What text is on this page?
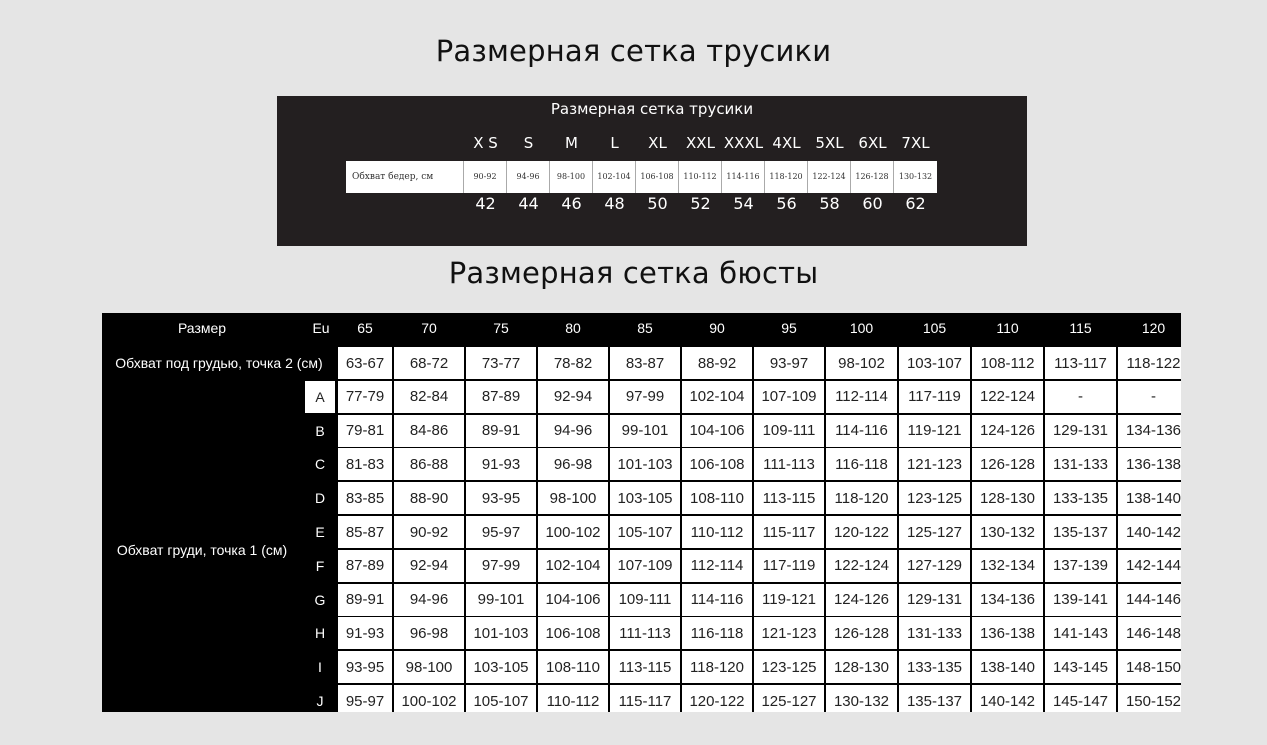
Размерная сетка трусики
Размерная сетка трусики
X S	S	M	L	XL	XXL XXXL 4XL 5XL 6XL 7XL
Обхват бедер, см	90-92	94-96	98-100	102-104	106-108	110-112	114-116	118-120	122-124	126-128	130-132
42	44	46	48	50	52	54	56	58	60	62
Размерная сетка бюсты
Размер	Eu	65	70	75	80	85	90	95	100	105	110	115	120
Обхват под грудью, точка 2 (см)	63-67	68-72	73-77	78-82	83-87	88-92	93-97	98-102	103-107	108-112	113-117	118-122
A	77-79	82-84	87-89	92-94	97-99	102-104	107-109	112-114	117-119	122-124	-	-
B	79-81	84-86	89-91	94-96	99-101	104-106	109-111	114-116	119-121	124-126	129-131	134-136
C	81-83	86-88	91-93	96-98	101-103	106-108	111-113	116-118	121-123	126-128	131-133	136-138
D	83-85	88-90	93-95	98-100	103-105	108-110	113-115	118-120	123-125	128-130	133-135	138-140
E	85-87	90-92	95-97	100-102	105-107	110-112	115-117	120-122	125-127	130-132	135-137	140-142
F	87-89	92-94	97-99	102-104	107-109	112-114	117-119	122-124	127-129	132-134	137-139	142-144
G	89-91	94-96	99-101	104-106	109-111	114-116	119-121	124-126	129-131	134-136	139-141	144-146
H	91-93	96-98	101-103	106-108	111-113	116-118	121-123	126-128	131-133	136-138	141-143	146-148
I	93-95	98-100	103-105	108-110	113-115	118-120	123-125	128-130	133-135	138-140	143-145	148-150
J	95-97	100-102	105-107	110-112	115-117	120-122	125-127	130-132	135-137	140-142	145-147	150-152
Обхват груди, точка 1 (см)
